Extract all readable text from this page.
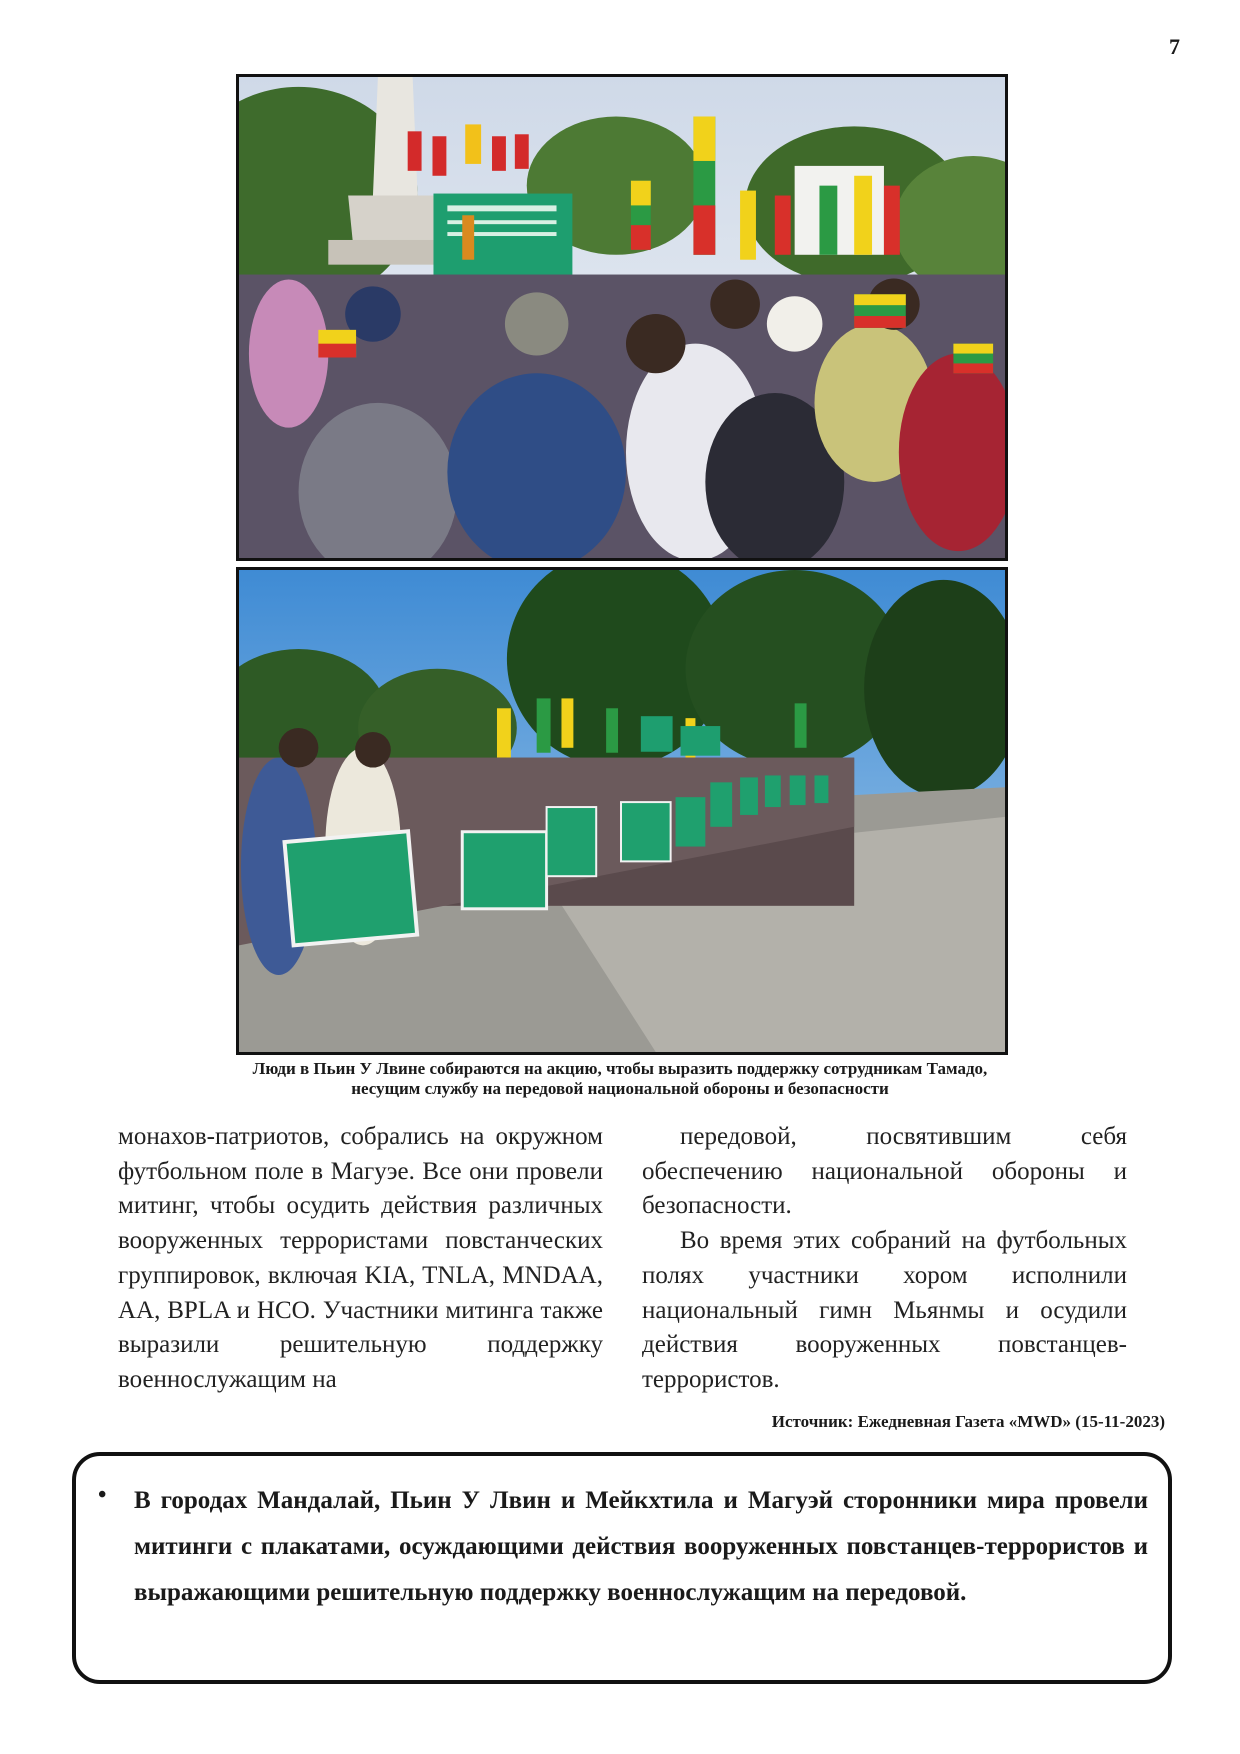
7
Люди в Пьин У Лвине собираются на акцию, чтобы выразить поддержку сотрудникам Тамадо,
несущим службу на передовой национальной обороны и безопасности

монахов-патриотов, собрались на окружном футбольном поле в Магуэе. Все они провели митинг, чтобы осудить действия различных вооруженных террористами повстанческих группировок, включая KIA, TNLA, MNDAA, AA, BPLA и HCO. Участники митинга также выразили решительную поддержку военнослужащим на

передовой, посвятившим себя обеспечению национальной обороны и безопасности.

Во время этих собраний на футбольных полях участники хором исполнили национальный гимн Мьянмы и осудили действия вооруженных повстанцев-террористов.

Источник: Ежедневная Газета «MWD» (15-11-2023)
• В городах Мандалай, Пьин У Лвин и Мейкхтила и Магуэй сторонники мира провели митинги с плакатами, осуждающими действия вооруженных повстанцев-террористов и выражающими решительную поддержку военнослужащим на передовой.
